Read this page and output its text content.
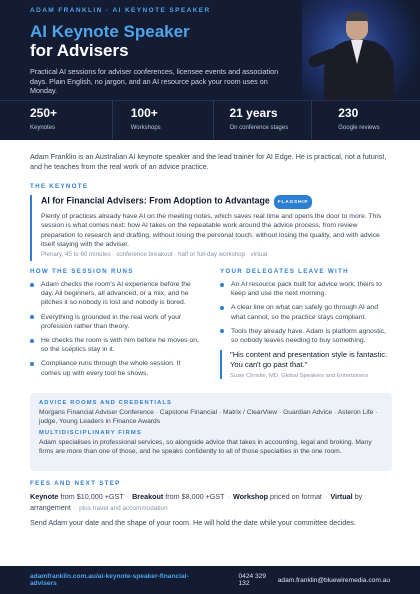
ADAM FRANKLIN · AI KEYNOTE SPEAKER
AI Keynote Speaker
for Advisers

Practical AI sessions for adviser conferences, licensee events and association days. Plain English, no jargon, and an AI resource pack your room uses on Monday.

250+
Keynotes
100+
Workshops
21 years
On conference stages
230
Google reviews

Adam Franklin is an Australian AI keynote speaker and the lead trainer for AI Edge. He is practical, not a futurist, and he teaches from the real work of an advice practice.

THE KEYNOTE
AI for Financial Advisers: From Adoption to Advantage FLAGSHIP

Plenty of practices already have AI on the meeting notes, which saves real time and opens the door to more. This session is what comes next: how AI takes on the repeatable work around the advice process, from review preparation to research and drafting, without losing the personal touch, without losing the quality, and with advice itself staying with the adviser.

Plenary, 45 to 60 minutes · conference breakout · half or full-day workshop · virtual
HOW THE SESSION RUNS
Adam checks the room's AI experience before the day. All beginners, all advanced, or a mix, and he pitches it so nobody is lost and nobody is bored.
Everything is grounded in the real work of your profession rather than theory.
He checks the room is with him before he moves on, so the sceptics stay in it.
Compliance runs through the whole session. It comes up with every tool he shows.
YOUR DELEGATES LEAVE WITH
An AI resource pack built for advice work, theirs to keep and use the next morning.
A clear line on what can safely go through AI and what cannot, so the practice stays compliant.
Tools they already have. Adam is platform agnostic, so nobody leaves needing to buy something.
"His content and presentation style is fantastic. You can't go past that."
Susie Christie, MD, Global Speakers and Entertainers
ADVICE ROOMS AND CREDENTIALS
Morgans Financial Adviser Conference · Capstone Financial · Matrix / ClearView · Guardian Advice · Asteron Life · judge, Young Leaders in Finance Awards
MULTIDISCIPLINARY FIRMS
Adam specialises in professional services, so alongside advice that takes in accounting, legal and broking. Many firms are more than one of those, and he speaks confidently to all of those specialties in the one room.
FEES AND NEXT STEP
Keynote from $10,000 +GST · Breakout from $8,000 +GST · Workshop priced on format · Virtual by arrangement · plus travel and accommodation
Send Adam your date and the shape of your room. He will hold the date while your committee decides.
adamfranklin.com.au/ai-keynote-speaker-financial-advisers
0424 329 132	adam.franklin@bluewiremedia.com.au
